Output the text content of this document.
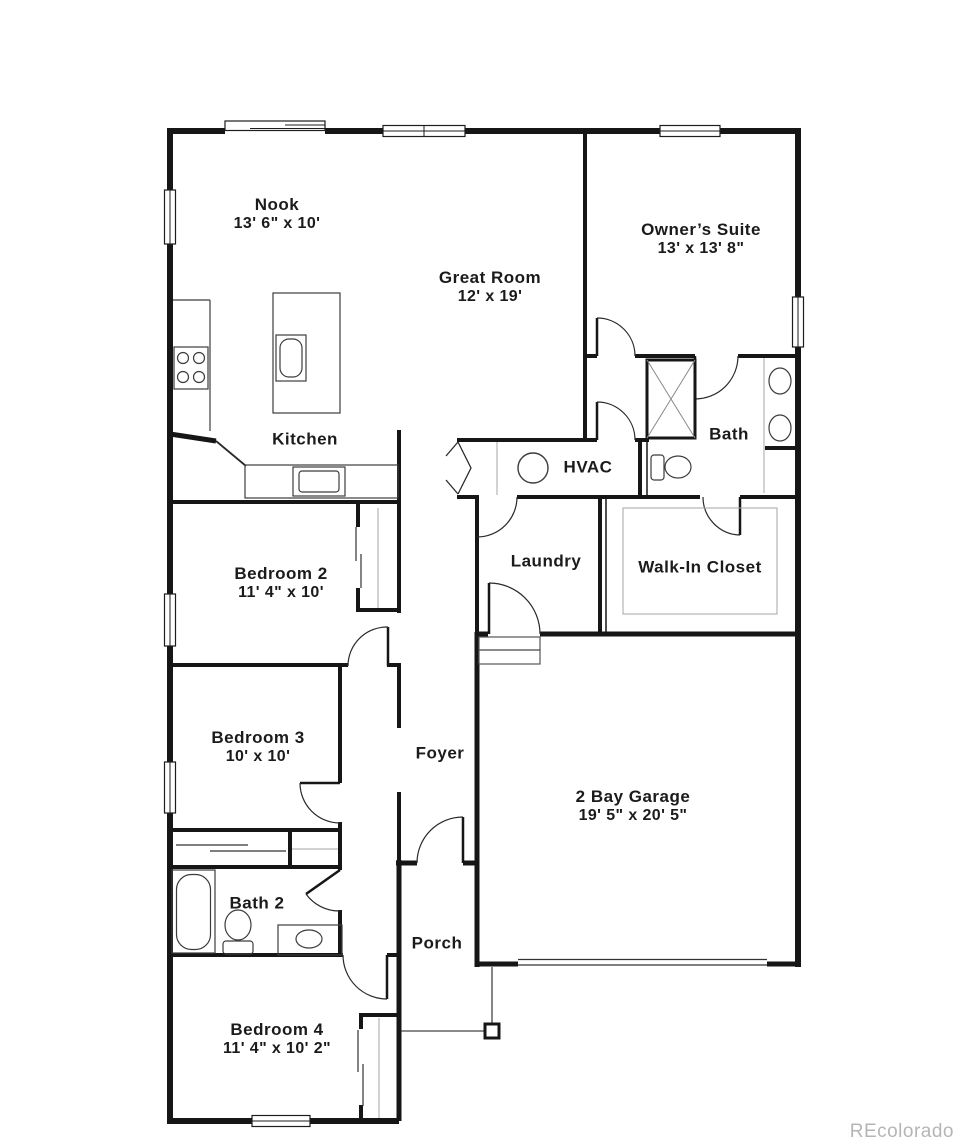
Nook
13' 6" x 10'
Great Room
12' x 19'
Owner’s Suite
13' x 13' 8"
Kitchen
HVAC
Bath
Laundry	Walk-In Closet
Bedroom 2
11' 4" x 10'
Bedroom 3
10' x 10'	Foyer
2 Bay Garage
19' 5" x 20' 5"
Bath 2
Porch
Bedroom 4
11' 4" x 10' 2"
REcolorado
